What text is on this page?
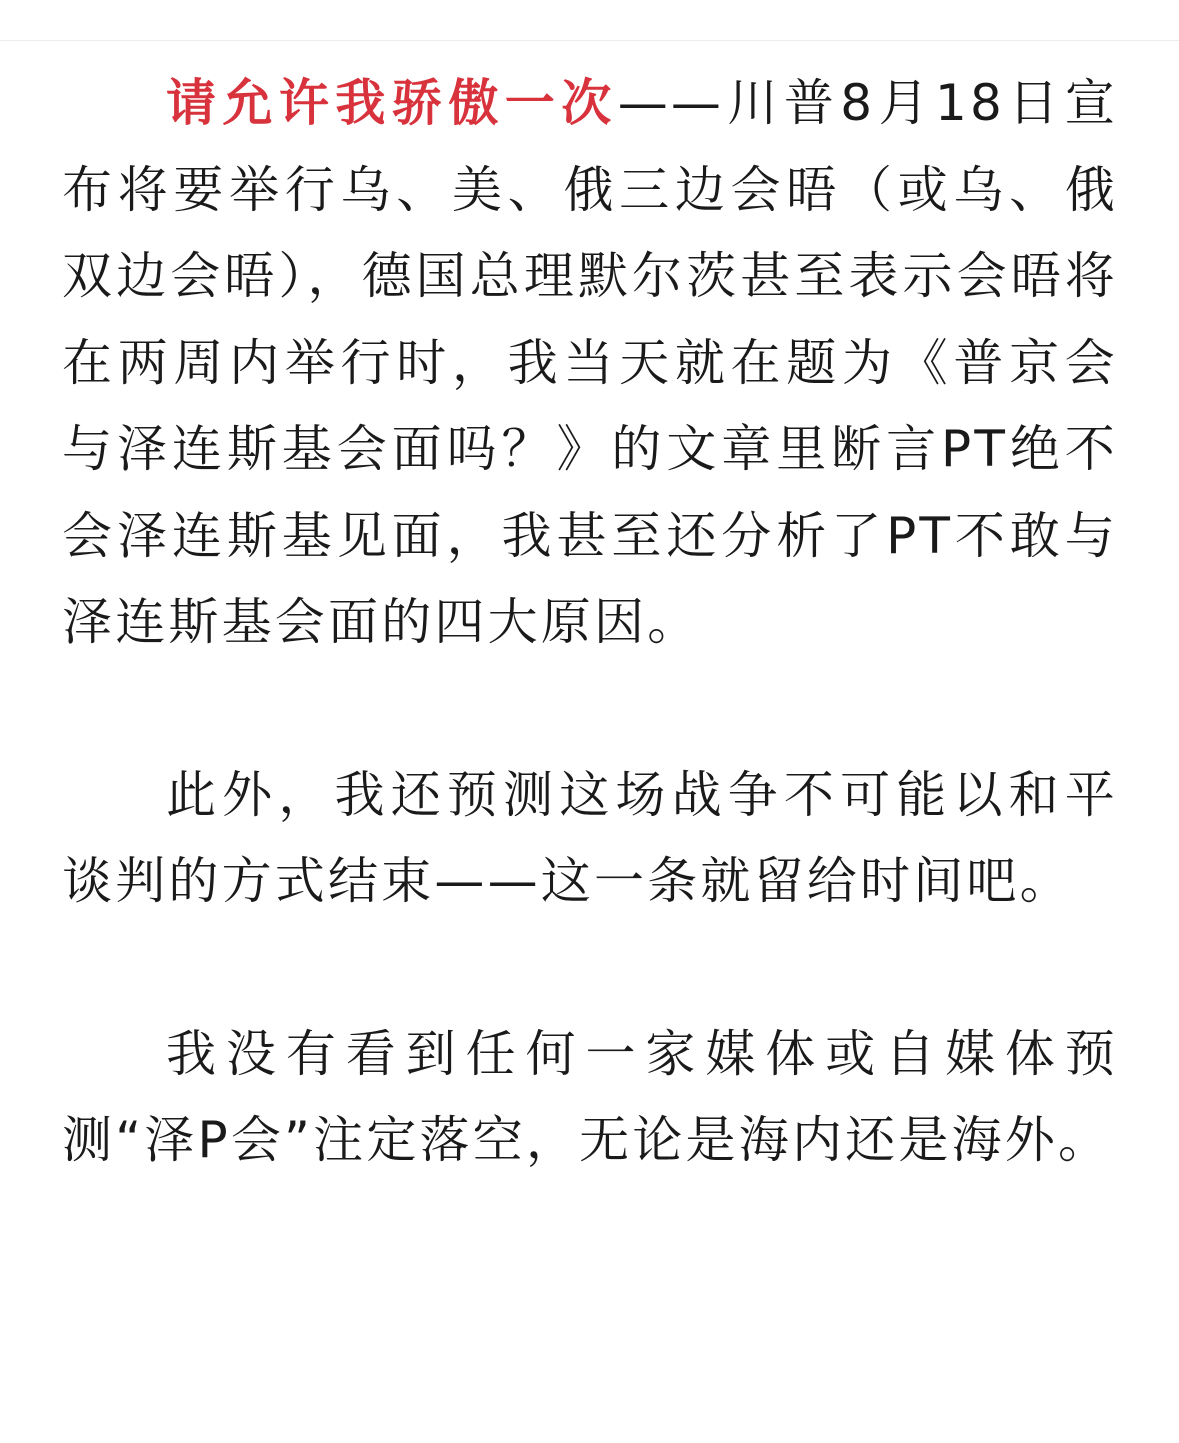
请允许我骄傲一次——川普8月18日宣布将要举行乌、美、俄三边会晤（或乌、俄双边会晤），德国总理默尔茨甚至表示会晤将在两周内举行时，我当天就在题为《普京会与泽连斯基会面吗？》的文章里断言PT绝不会泽连斯基见面，我甚至还分析了PT不敢与泽连斯基会面的四大原因。

此外，我还预测这场战争不可能以和平谈判的方式结束——这一条就留给时间吧。

我没有看到任何一家媒体或自媒体预测“泽P会”注定落空，无论是海内还是海外。
